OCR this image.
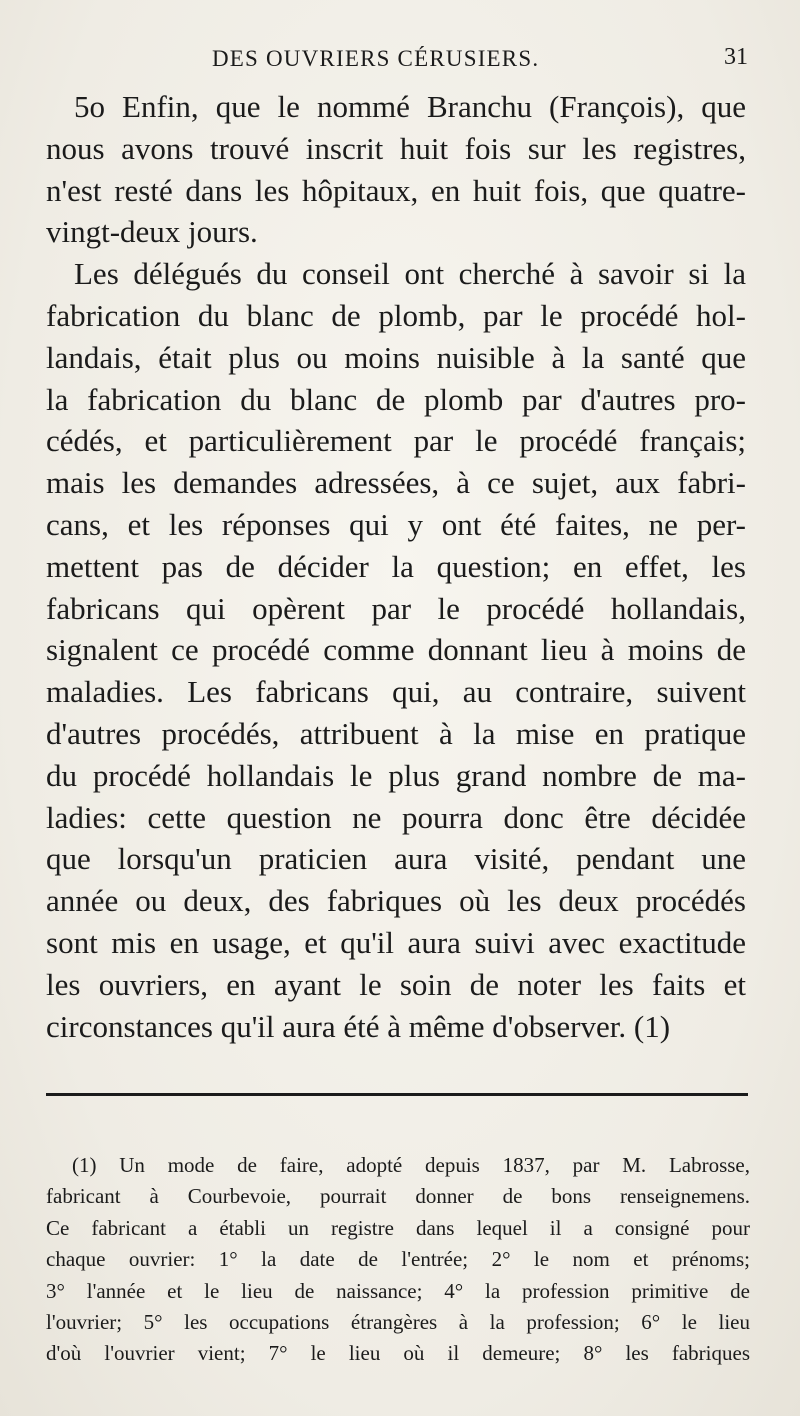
DES OUVRIERS CÉRUSIERS.	31
5o Enfin, que le nommé Branchu (François), que
nous avons trouvé inscrit huit fois sur les registres,
n'est resté dans les hôpitaux, en huit fois, que quatre-
vingt-deux jours.
Les délégués du conseil ont cherché à savoir si la
fabrication du blanc de plomb, par le procédé hol-
landais, était plus ou moins nuisible à la santé que
la fabrication du blanc de plomb par d'autres pro-
cédés, et particulièrement par le procédé français;
mais les demandes adressées, à ce sujet, aux fabri-
cans, et les réponses qui y ont été faites, ne per-
mettent pas de décider la question; en effet, les
fabricans qui opèrent par le procédé hollandais,
signalent ce procédé comme donnant lieu à moins de
maladies. Les fabricans qui, au contraire, suivent
d'autres procédés, attribuent à la mise en pratique
du procédé hollandais le plus grand nombre de ma-
ladies: cette question ne pourra donc être décidée
que lorsqu'un praticien aura visité, pendant une
année ou deux, des fabriques où les deux procédés
sont mis en usage, et qu'il aura suivi avec exactitude
les ouvriers, en ayant le soin de noter les faits et
circonstances qu'il aura été à même d'observer. (1)
(1) Un mode de faire, adopté depuis 1837, par M. Labrosse,
fabricant à Courbevoie, pourrait donner de bons renseignemens.
Ce fabricant a établi un registre dans lequel il a consigné pour
chaque ouvrier: 1° la date de l'entrée; 2° le nom et prénoms;
3° l'année et le lieu de naissance; 4° la profession primitive de
l'ouvrier; 5° les occupations étrangères à la profession; 6° le lieu
d'où l'ouvrier vient; 7° le lieu où il demeure; 8° les fabriques
